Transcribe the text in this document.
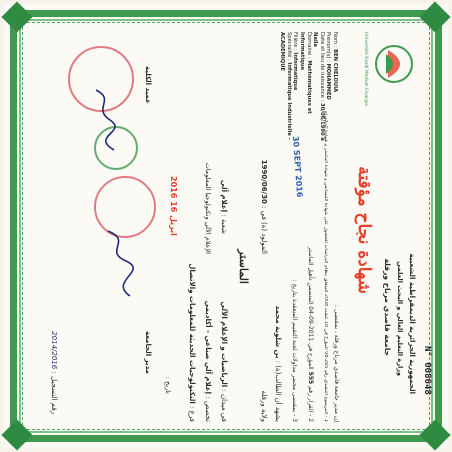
الجمهورية الجزائرية الديمقراطية الشعبية
وزارة التعليم العالي و البحث العلمي
جامعة قاصدي مرباح ورقلة
شهادة نجاح مؤقتة
Université Kasdi Merbah Ouargla
N° 008648
إن مدير جامعة قاصدي مرباح ورقلة ، بمقتضى :
1 - المرسوم التنفيذي رقم 265-08 المؤرخ في 19 غشت 2008 المتعلق بنظام الدراسات للحصول على شهادة الليسانس و شهادة الماستر و شهادة الدكتوراه
2 - القرار رقم 555 المؤرخ في 2011-09-04 المتضمن تأهيل الماستر
3 - بمقتضى محضر مداولات لجنة التقييم المنعقدة بتاريخ :
30 SEPT 2016
يشهد أن الطالب(ة) : بن شلوية محمد
المولود (ة) في : 1990/06/30
ولاية ورقلة
الماستر
في ميدان : الرياضيات و الإعلام الآلي
شعبة : إعلام آلي
تخصص : إعلام آلي صناعي - أكاديمي
الإعلام الآلي وتكنولوجيا المعلومات
فرع : التكنولوجيات الحديثة للمعلومات والاتصال
تاريخ :
2016 ابريل 16
مدير الجامعة
عميد الكلية
رقم التسجيل : 2014/2016
Nom : BEN CHELOUIA
Prénom(s) : MOHAMMED
Date et lieu de naissance : 30/06/1990 à Naila
Domaine : Mathématiques et Informatique
Filière : Informatique
Spécialité : Informatique Industrielle - ACADEMIQUE
